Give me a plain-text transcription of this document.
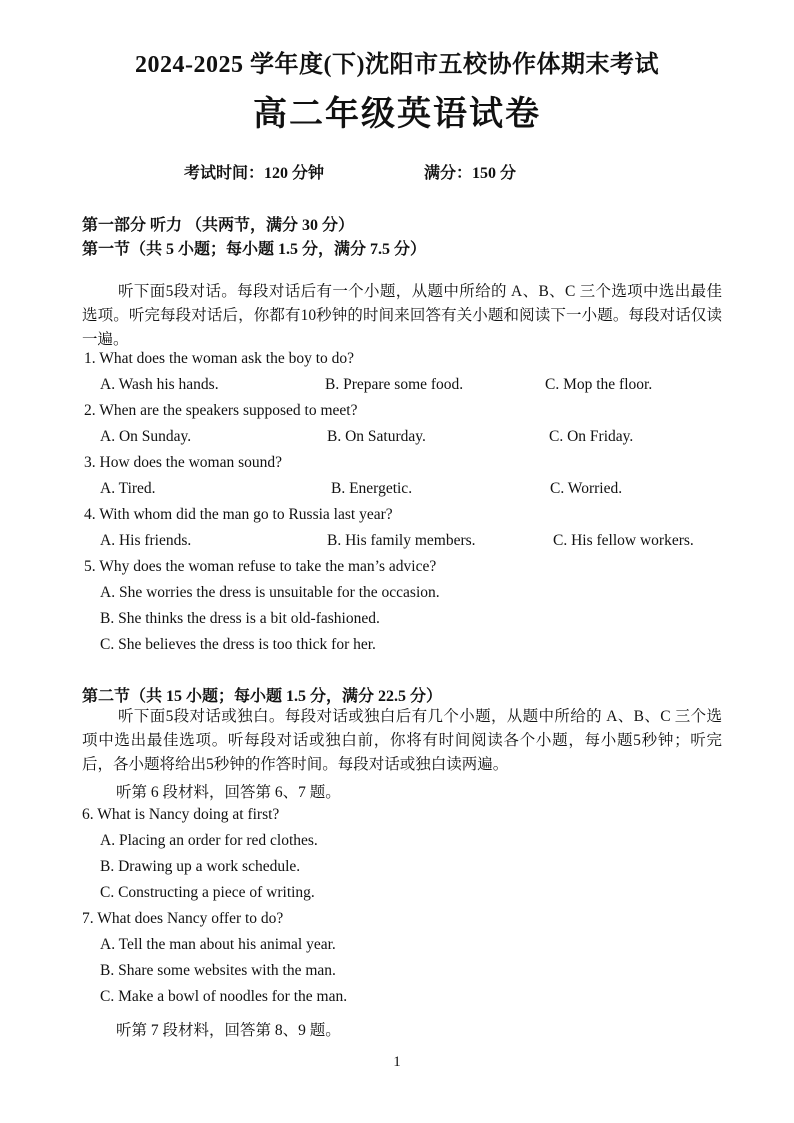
2024-2025 学年度(下)沈阳市五校协作体期末考试
高二年级英语试卷
考试时间：120 分钟	满分：150 分
第一部分 听力 （共两节，满分 30 分）
第一节（共 5 小题；每小题 1.5 分，满分 7.5 分）
听下面5段对话。每段对话后有一个小题，从题中所给的 A、B、C 三个选项中选出最佳选项。听完每段对话后，你都有10秒钟的时间来回答有关小题和阅读下一小题。每段对话仅读一遍。
1. What does the woman ask the boy to do?
A. Wash his hands.	B. Prepare some food.	C. Mop the floor.
2. When are the speakers supposed to meet?
A. On Sunday.	B. On Saturday.	C. On Friday.
3. How does the woman sound?
A. Tired.	B. Energetic.	C. Worried.
4. With whom did the man go to Russia last year?
A. His friends.	B. His family members.	C. His fellow workers.
5. Why does the woman refuse to take the man’s advice?
A. She worries the dress is unsuitable for the occasion.
B. She thinks the dress is a bit old-fashioned.
C. She believes the dress is too thick for her.
第二节（共 15 小题；每小题 1.5 分，满分 22.5 分）
听下面5段对话或独白。每段对话或独白后有几个小题，从题中所给的 A、B、C 三个选项中选出最佳选项。听每段对话或独白前，你将有时间阅读各个小题，每小题5秒钟；听完后，各小题将给出5秒钟的作答时间。每段对话或独白读两遍。
听第 6 段材料，回答第 6、7 题。
6. What is Nancy doing at first?
A. Placing an order for red clothes.
B. Drawing up a work schedule.
C. Constructing a piece of writing.
7. What does Nancy offer to do?
A. Tell the man about his animal year.
B. Share some websites with the man.
C. Make a bowl of noodles for the man.
听第 7 段材料，回答第 8、9 题。
1
